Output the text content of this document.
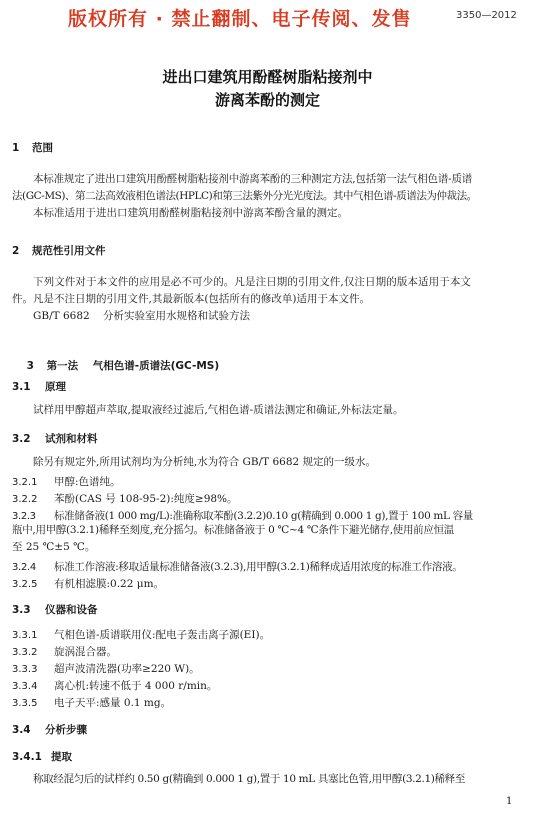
版权所有 · 禁止翻制、电子传阅、发售	3350—2012
进出口建筑用酚醛树脂粘接剂中
游离苯酚的测定
1 范围
本标准规定了进出口建筑用酚醛树脂粘接剂中游离苯酚的三种测定方法,包括第一法气相色谱-质谱
法(GC-MS)、第二法高效液相色谱法(HPLC)和第三法紫外分光光度法。其中气相色谱-质谱法为仲裁法。
本标准适用于进出口建筑用酚醛树脂粘接剂中游离苯酚含量的测定。
2 规范性引用文件
下列文件对于本文件的应用是必不可少的。凡是注日期的引用文件,仅注日期的版本适用于本文
件。凡是不注日期的引用文件,其最新版本(包括所有的修改单)适用于本文件。
GB/T 6682    分析实验室用水规格和试验方法

3 第一法    气相色谱-质谱法(GC-MS)

3.1 原理
试样用甲醇超声萃取,提取液经过滤后,气相色谱-质谱法测定和确证,外标法定量。
3.2 试剂和材料
除另有规定外,所用试剂均为分析纯,水为符合 GB/T 6682 规定的一级水。
3.2.1 甲醇:色谱纯。
3.2.2 苯酚(CAS 号 108-95-2):纯度≥98%。
3.2.3 标准储备液(1 000 mg/L):准确称取苯酚(3.2.2)0.10 g(精确到 0.000 1 g),置于 100 mL 容量
瓶中,用甲醇(3.2.1)稀释至刻度,充分摇匀。标准储备液于 0 ℃~4 ℃条件下避光储存,使用前应恒温
至 25 ℃±5 ℃。
3.2.4 标准工作溶液:移取适量标准储备液(3.2.3),用甲醇(3.2.1)稀释成适用浓度的标准工作溶液。
3.2.5 有机相滤膜:0.22 μm。
3.3 仪器和设备
3.3.1 气相色谱-质谱联用仪:配电子轰击离子源(EI)。
3.3.2 旋涡混合器。
3.3.3 超声波清洗器(功率≥220 W)。
3.3.4 离心机:转速不低于 4 000 r/min。
3.3.5 电子天平:感量 0.1 mg。
3.4 分析步骤
3.4.1 提取
称取经混匀后的试样约 0.50 g(精确到 0.000 1 g),置于 10 mL 具塞比色管,用甲醇(3.2.1)稀释至
1
